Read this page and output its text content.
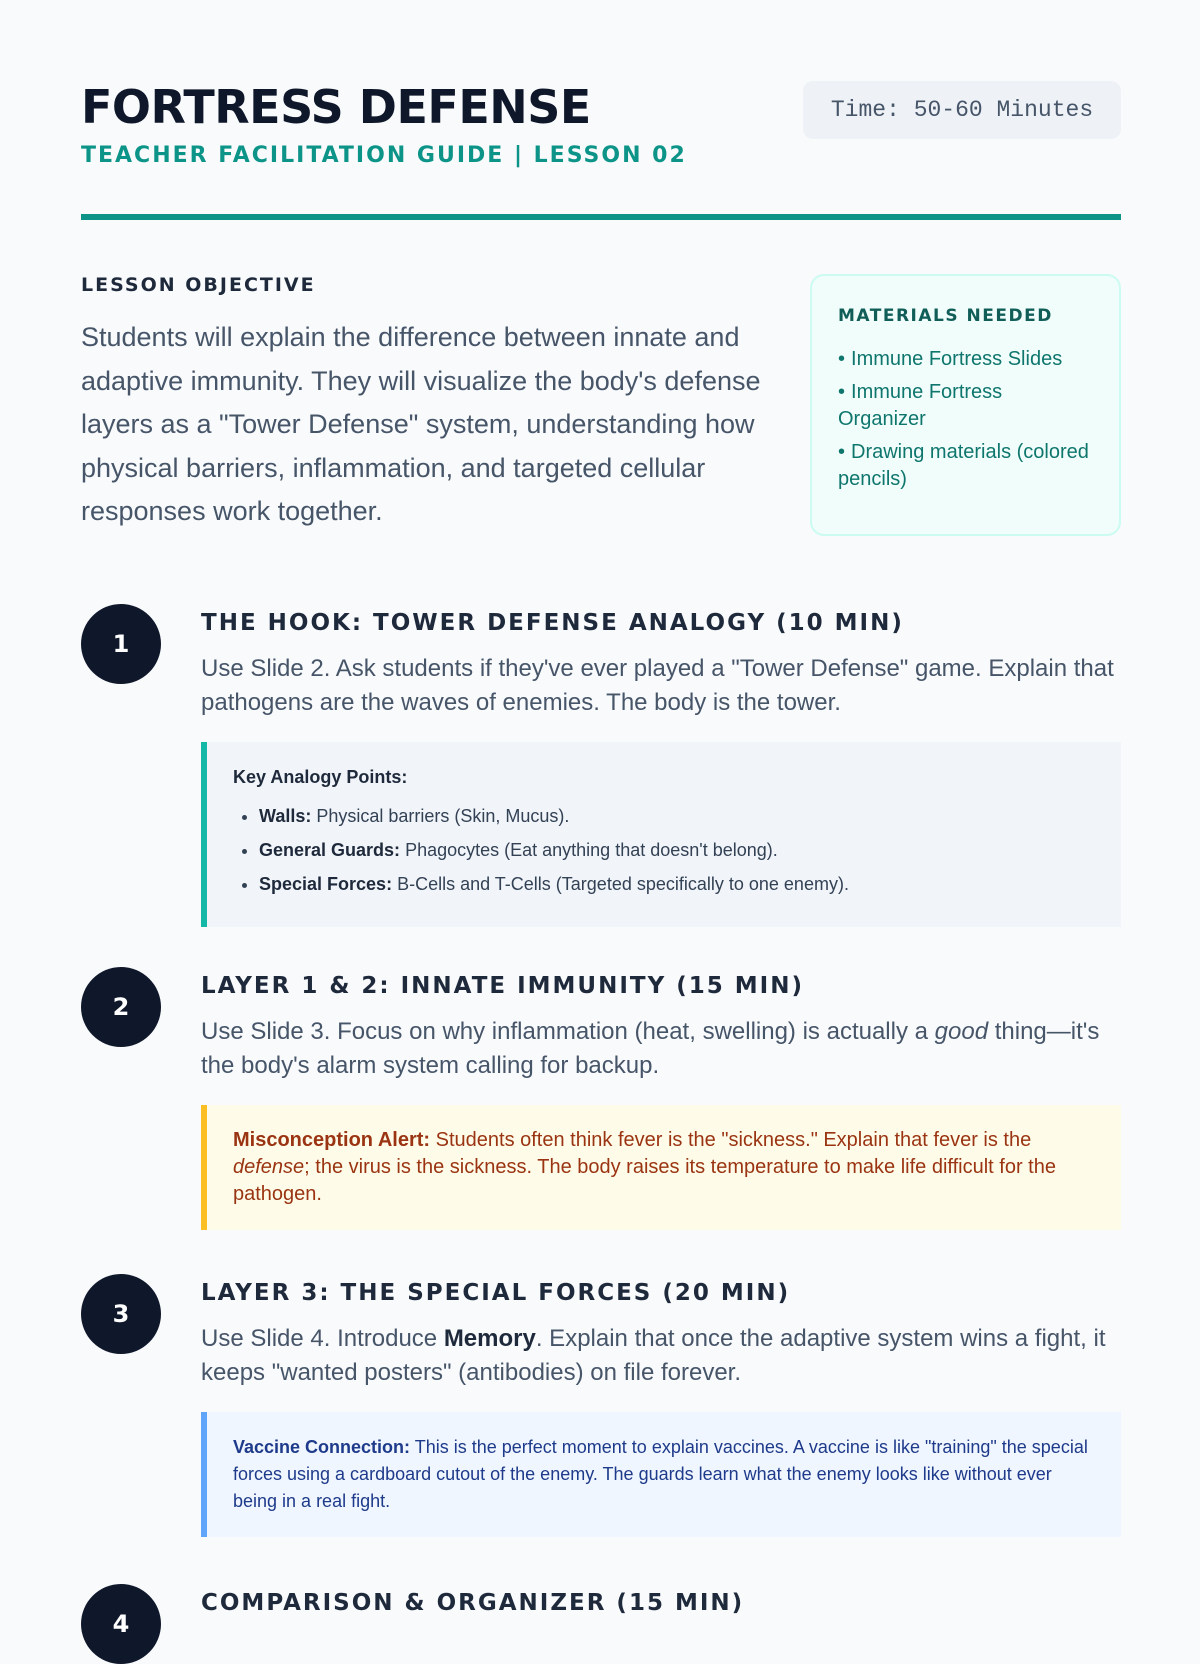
FORTRESS DEFENSE
TEACHER FACILITATION GUIDE | LESSON 02
Time: 50-60 Minutes
LESSON OBJECTIVE

Students will explain the difference between innate and adaptive immunity. They will visualize the body's defense layers as a "Tower Defense" system, understanding how physical barriers, inflammation, and targeted cellular responses work together.

MATERIALS NEEDED
• Immune Fortress Slides
• Immune Fortress Organizer
• Drawing materials (colored pencils)
1
THE HOOK: TOWER DEFENSE ANALOGY (10 MIN)

Use Slide 2. Ask students if they've ever played a "Tower Defense" game. Explain that pathogens are the waves of enemies. The body is the tower.

Key Analogy Points:
• Walls: Physical barriers (Skin, Mucus).
• General Guards: Phagocytes (Eat anything that doesn't belong).
• Special Forces: B-Cells and T-Cells (Targeted specifically to one enemy).
2
LAYER 1 & 2: INNATE IMMUNITY (15 MIN)

Use Slide 3. Focus on why inflammation (heat, swelling) is actually a good thing—it's the body's alarm system calling for backup.

Misconception Alert: Students often think fever is the "sickness." Explain that fever is the defense; the virus is the sickness. The body raises its temperature to make life difficult for the pathogen.
3
LAYER 3: THE SPECIAL FORCES (20 MIN)

Use Slide 4. Introduce Memory. Explain that once the adaptive system wins a fight, it keeps "wanted posters" (antibodies) on file forever.

Vaccine Connection: This is the perfect moment to explain vaccines. A vaccine is like "training" the special forces using a cardboard cutout of the enemy. The guards learn what the enemy looks like without ever being in a real fight.
4
COMPARISON & ORGANIZER (15 MIN)
